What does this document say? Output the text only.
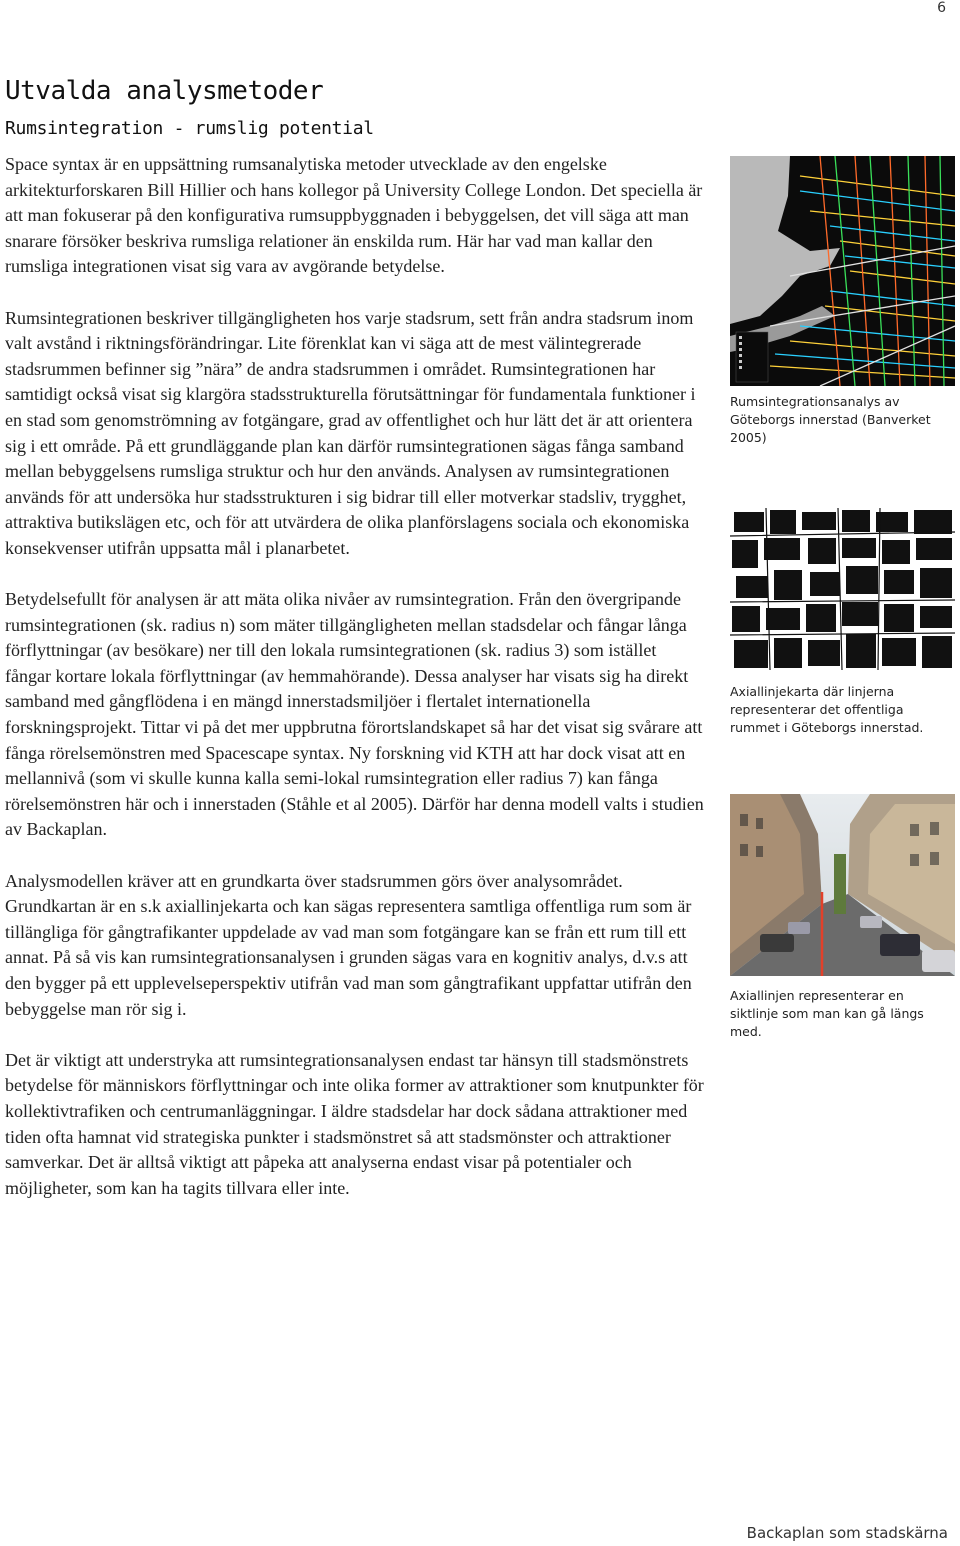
6
Utvalda analysmetoder
Rumsintegration - rumslig potential

Space syntax är en uppsättning rumsanalytiska metoder utvecklade av den engelske arkitekturforskaren Bill Hillier och hans kollegor på University College London. Det speciella är att man fokuserar på den konfigurativa rumsuppbyggnaden i bebyggelsen, det vill säga att man snarare försöker beskriva rumsliga relationer än enskilda rum. Här har vad man kallar den rumsliga integrationen visat sig vara av avgörande betydelse.

Rumsintegrationen beskriver tillgängligheten hos varje stadsrum, sett från andra stadsrum inom valt avstånd i riktningsförändringar. Lite förenklat kan vi säga att de mest välintegrerade stadsrummen befinner sig ”nära” de andra stadsrummen i området. Rumsintegrationen har samtidigt också visat sig klargöra stadsstrukturella förutsättningar för fundamentala funktioner i en stad som genomströmning av fotgängare, grad av offentlighet och hur lätt det är att orientera sig i ett område. På ett grundläggande plan kan därför rumsintegrationen sägas fånga samband mellan bebyggelsens rumsliga struktur och hur den används. Analysen av rumsintegrationen används för att undersöka hur stadsstrukturen i sig bidrar till eller motverkar stadsliv, trygghet, attraktiva butikslägen etc, och för att utvärdera de olika planförslagens sociala och ekonomiska konsekvenser utifrån uppsatta mål i planarbetet.

Betydelsefullt för analysen är att mäta olika nivåer av rumsintegration. Från den övergripande rumsintegrationen (sk. radius n) som mäter tillgängligheten mellan stadsdelar och fångar långa förflyttningar (av besökare) ner till den lokala rumsintegrationen (sk. radius 3) som istället fångar kortare lokala förflyttningar (av hemmahörande). Dessa analyser har visats sig ha direkt samband med gångflödena i en mängd innerstadsmiljöer i flertalet internationella forskningsprojekt. Tittar vi på det mer uppbrutna förortslandskapet så har det visat sig svårare att fånga rörelsemönstren med Spacescape syntax. Ny forskning vid KTH att har dock visat att en mellannivå (som vi skulle kunna kalla semi-lokal rumsintegration eller radius 7) kan fånga rörelsemönstren här och i innerstaden (Ståhle et al 2005). Därför har denna modell valts i studien av Backaplan.

Analysmodellen kräver att en grundkarta över stadsrummen görs över analysområdet. Grundkartan är en s.k axiallinjekarta och kan sägas representera samtliga offentliga rum som är tillängliga för gångtrafikanter uppdelade av vad man som fotgängare kan se från ett rum till ett annat. På så vis kan rumsintegrationsanalysen i grunden sägas vara en kognitiv analys, d.v.s att den bygger på ett upplevelseperspektiv utifrån vad man som gångtrafikant uppfattar utifrån den bebyggelse man rör sig i.

Det är viktigt att understryka att rumsintegrationsanalysen endast tar hänsyn till stadsmönstrets betydelse för människors förflyttningar och inte olika former av attraktioner som knutpunkter för kollektivtrafiken och centrumanläggningar. I äldre stadsdelar har dock sådana attraktioner med tiden ofta hamnat vid strategiska punkter i stadsmönstret så att stadsmönster och attraktioner samverkar. Det är alltså viktigt att påpeka att analyserna endast visar på potentialer och möjligheter, som kan ha tagits tillvara eller inte.

Rumsintegrationsanalys av Göteborgs innerstad (Banverket 2005)
Axiallinjekarta där linjerna representerar det offentliga rummet i Göteborgs innerstad.
Axiallinjen representerar en siktlinje som man kan gå längs med.
Backaplan som stadskärna
